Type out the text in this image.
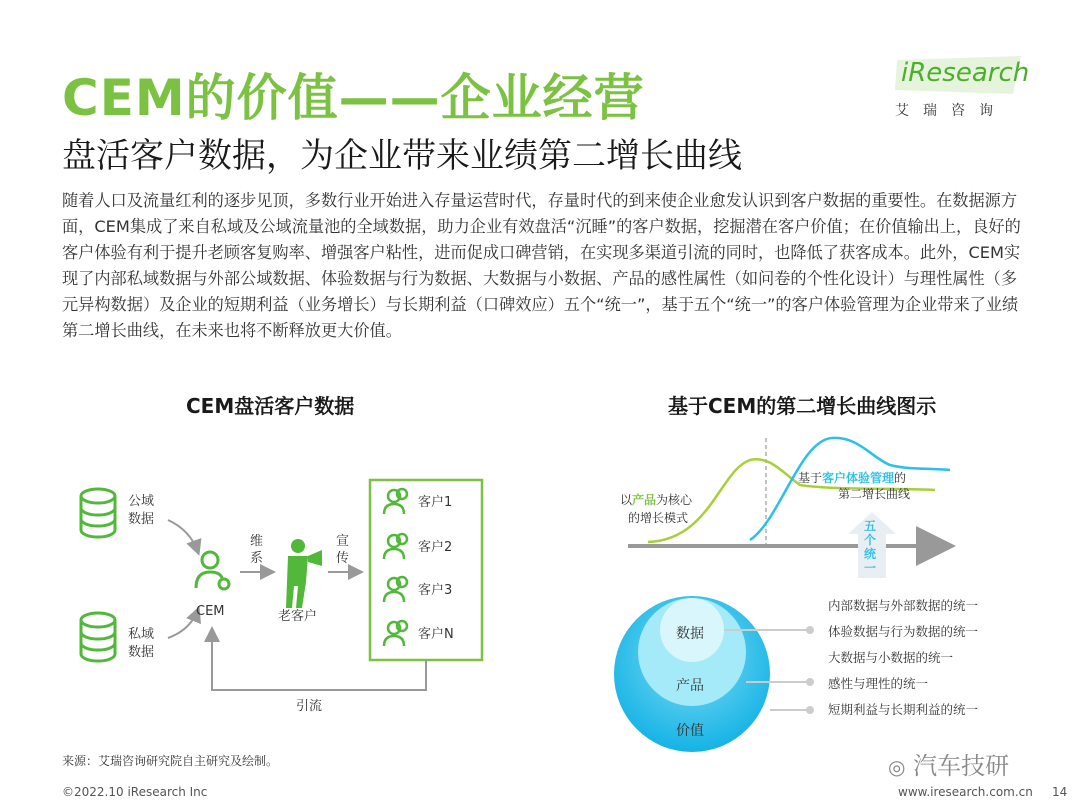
CEM的价值——企业经营
盘活客户数据，为企业带来业绩第二增长曲线
iResearch
艾瑞咨询
随着人口及流量红利的逐步见顶，多数行业开始进入存量运营时代，存量时代的到来使企业愈发认识到客户数据的重要性。在数据源方面，CEM集成了来自私域及公域流量池的全域数据，助力企业有效盘活“沉睡”的客户数据，挖掘潜在客户价值；在价值输出上，良好的客户体验有利于提升老顾客复购率、增强客户粘性，进而促成口碑营销，在实现多渠道引流的同时，也降低了获客成本。此外，CEM实现了内部私域数据与外部公域数据、体验数据与行为数据、大数据与小数据、产品的感性属性（如问卷的个性化设计）与理性属性（多元异构数据）及企业的短期利益（业务增长）与长期利益（口碑效应）五个“统一”，基于五个“统一”的客户体验管理为企业带来了业绩第二增长曲线，在未来也将不断释放更大价值。
CEM盘活客户数据	基于CEM的第二增长曲线图示
公域
数据
私域
数据
CEM
维
系
老客户
宣
传
客户1
客户2
客户3
客户N
引流
以产品为核心
的增长模式
基于客户体验管理的
第二增长曲线
五
个
统
一
数据
产品
价值
内部数据与外部数据的统一
体验数据与行为数据的统一
大数据与小数据的统一
感性与理性的统一
短期利益与长期利益的统一
来源：艾瑞咨询研究院自主研究及绘制。	◎ 汽车技研
©2022.10 iResearch Inc	www.iresearch.com.cn 14
